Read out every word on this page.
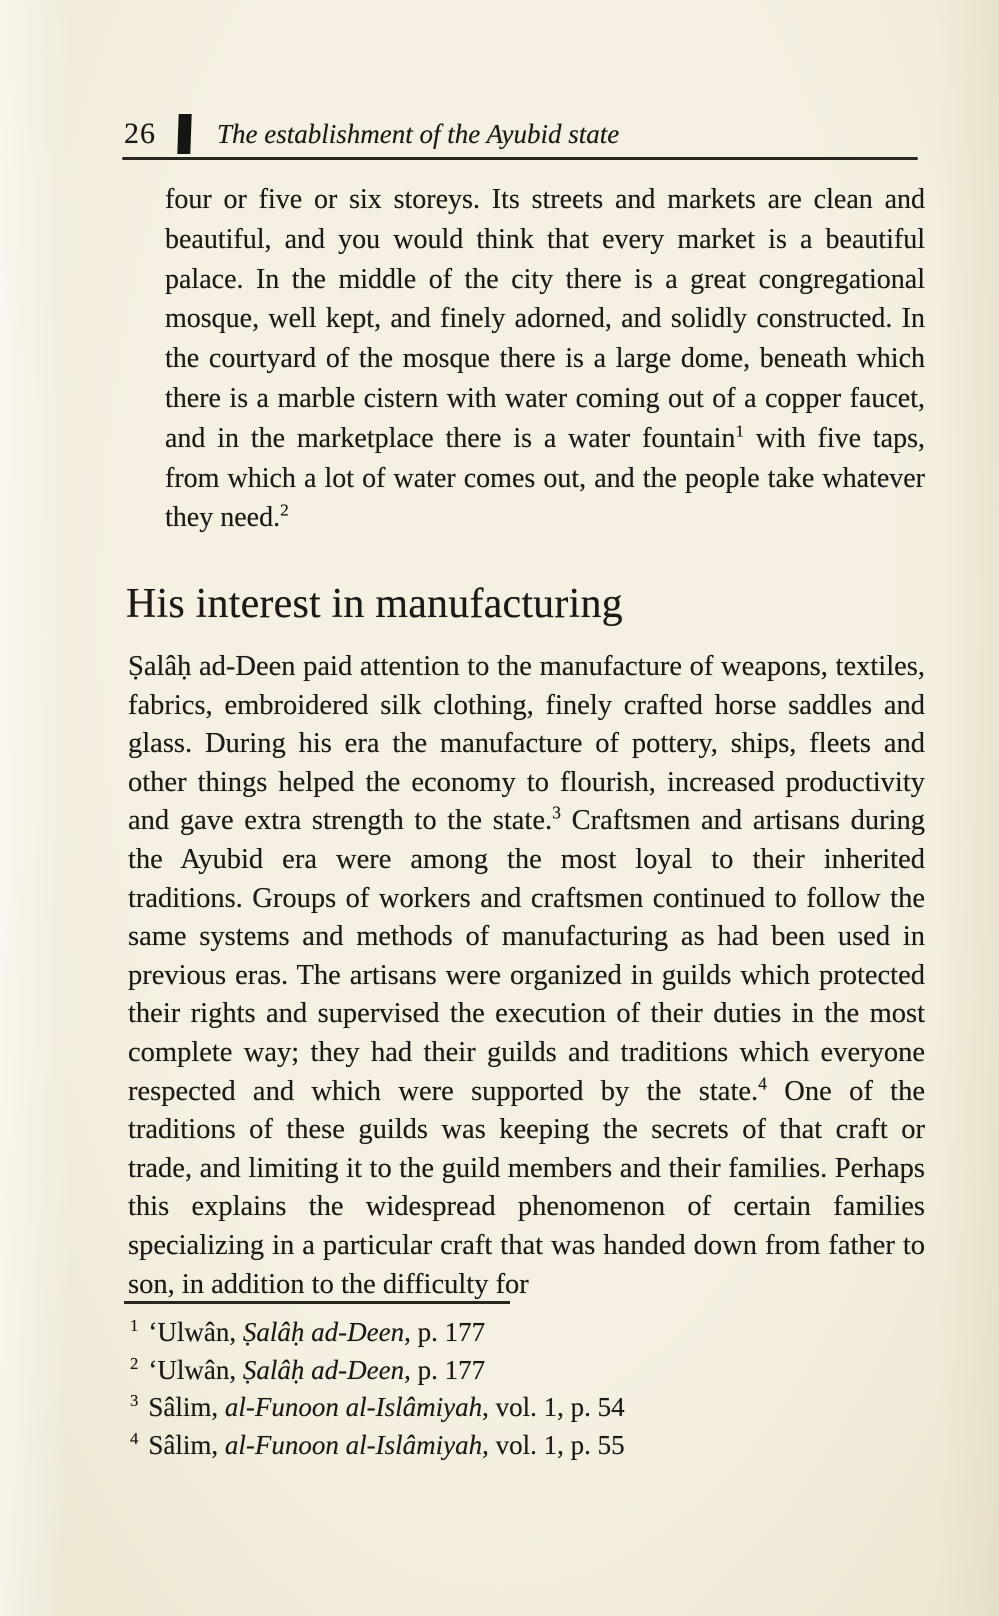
26 The establishment of the Ayubid state

four or five or six storeys. Its streets and markets are clean and beautiful, and you would think that every market is a beautiful palace. In the middle of the city there is a great congregational mosque, well kept, and finely adorned, and solidly constructed. In the courtyard of the mosque there is a large dome, beneath which there is a marble cistern with water coming out of a copper faucet, and in the marketplace there is a water fountain$^1$ with five taps, from which a lot of water comes out, and the people take whatever they need.$^2$

His interest in manufacturing

Ṣalâḥ ad-Deen paid attention to the manufacture of weapons, textiles, fabrics, embroidered silk clothing, finely crafted horse saddles and glass. During his era the manufacture of pottery, ships, fleets and other things helped the economy to flourish, increased productivity and gave extra strength to the state.$^3$ Craftsmen and artisans during the Ayubid era were among the most loyal to their inherited traditions. Groups of workers and craftsmen continued to follow the same systems and methods of manufacturing as had been used in previous eras. The artisans were organized in guilds which protected their rights and supervised the execution of their duties in the most complete way; they had their guilds and traditions which everyone respected and which were supported by the state.$^4$ One of the traditions of these guilds was keeping the secrets of that craft or trade, and limiting it to the guild members and their families. Perhaps this explains the widespread phenomenon of certain families specializing in a particular craft that was handed down from father to son, in addition to the difficulty for

$^1$ ‘Ulwân, Ṣalâḥ ad-Deen, p. 177
$^2$ ‘Ulwân, Ṣalâḥ ad-Deen, p. 177
$^3$ Sâlim, al-Funoon al-Islâmiyah, vol. 1, p. 54
$^4$ Sâlim, al-Funoon al-Islâmiyah, vol. 1, p. 55
